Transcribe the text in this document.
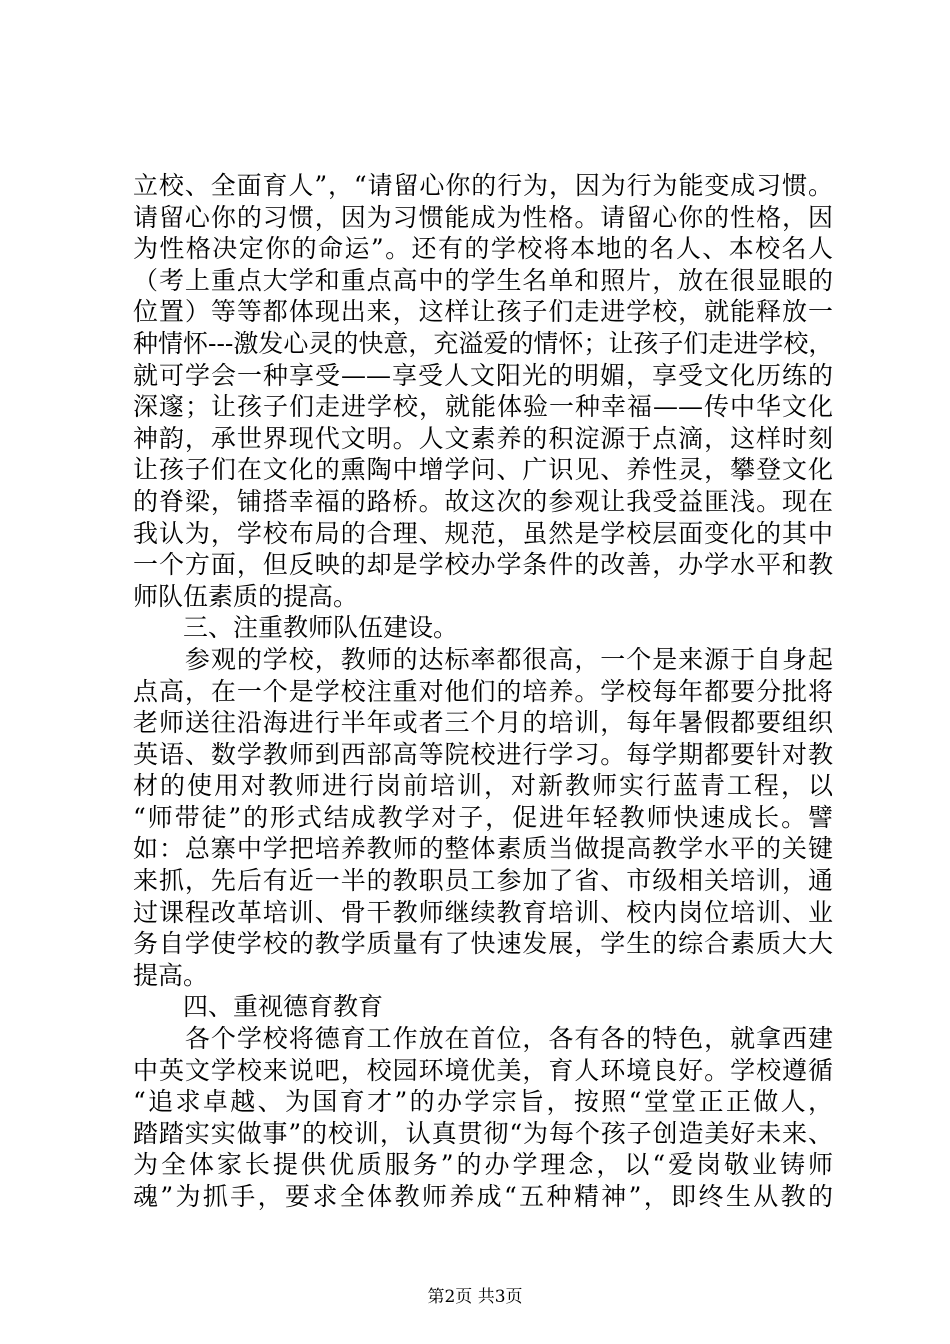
立校、全面育人”，“请留心你的行为，因为行为能变成习惯。
请留心你的习惯，因为习惯能成为性格。请留心你的性格，因
为性格决定你的命运”。还有的学校将本地的名人、本校名人
（考上重点大学和重点高中的学生名单和照片，放在很显眼的
位置）等等都体现出来，这样让孩子们走进学校，就能释放一
种情怀---激发心灵的快意，充溢爱的情怀；让孩子们走进学校，
就可学会一种享受——享受人文阳光的明媚，享受文化历练的
深邃；让孩子们走进学校，就能体验一种幸福——传中华文化
神韵，承世界现代文明。人文素养的积淀源于点滴，这样时刻
让孩子们在文化的熏陶中增学问、广识见、养性灵，攀登文化
的脊梁，铺搭幸福的路桥。故这次的参观让我受益匪浅。现在
我认为，学校布局的合理、规范，虽然是学校层面变化的其中
一个方面，但反映的却是学校办学条件的改善，办学水平和教
师队伍素质的提高。
　　三、注重教师队伍建设。
　　参观的学校，教师的达标率都很高，一个是来源于自身起
点高，在一个是学校注重对他们的培养。学校每年都要分批将
老师送往沿海进行半年或者三个月的培训，每年暑假都要组织
英语、数学教师到西部高等院校进行学习。每学期都要针对教
材的使用对教师进行岗前培训，对新教师实行蓝青工程，以
“师带徒”的形式结成教学对子，促进年轻教师快速成长。譬
如：总寨中学把培养教师的整体素质当做提高教学水平的关键
来抓，先后有近一半的教职员工参加了省、市级相关培训，通
过课程改革培训、骨干教师继续教育培训、校内岗位培训、业
务自学使学校的教学质量有了快速发展，学生的综合素质大大
提高。
　　四、重视德育教育
　　各个学校将德育工作放在首位，各有各的特色，就拿西建
中英文学校来说吧，校园环境优美，育人环境良好。学校遵循
“追求卓越、为国育才”的办学宗旨，按照“堂堂正正做人，
踏踏实实做事”的校训，认真贯彻“为每个孩子创造美好未来、
为全体家长提供优质服务”的办学理念，以“爱岗敬业铸师
魂”为抓手，要求全体教师养成“五种精神”，即终生从教的
第2页 共3页
